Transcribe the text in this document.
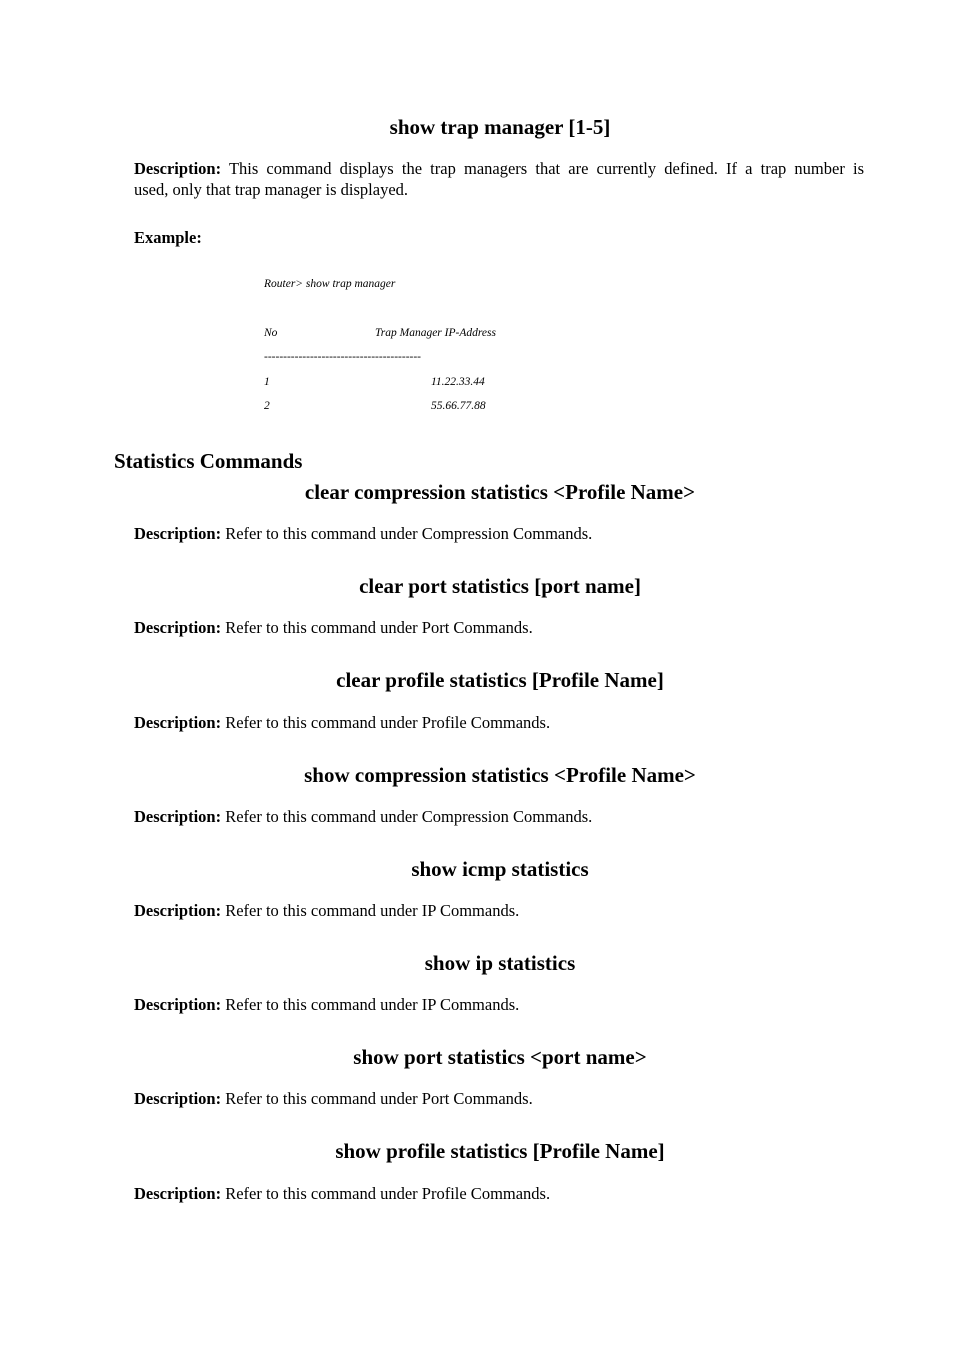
show trap manager [1-5]
Description: This command displays the trap managers that are currently defined. If a trap number is
used, only that trap manager is displayed.
Example:
Router> show trap manager
No	Trap Manager IP-Address
-----------------------------------------
1	11.22.33.44
2	55.66.77.88
Statistics Commands
clear compression statistics <Profile Name>
Description: Refer to this command under Compression Commands.
clear port statistics [port name]
Description: Refer to this command under Port Commands.
clear profile statistics [Profile Name]
Description: Refer to this command under Profile Commands.
show compression statistics <Profile Name>
Description: Refer to this command under Compression Commands.
show icmp statistics
Description: Refer to this command under IP Commands.
show ip statistics
Description: Refer to this command under IP Commands.
show port statistics <port name>
Description: Refer to this command under Port Commands.
show profile statistics [Profile Name]
Description: Refer to this command under Profile Commands.
